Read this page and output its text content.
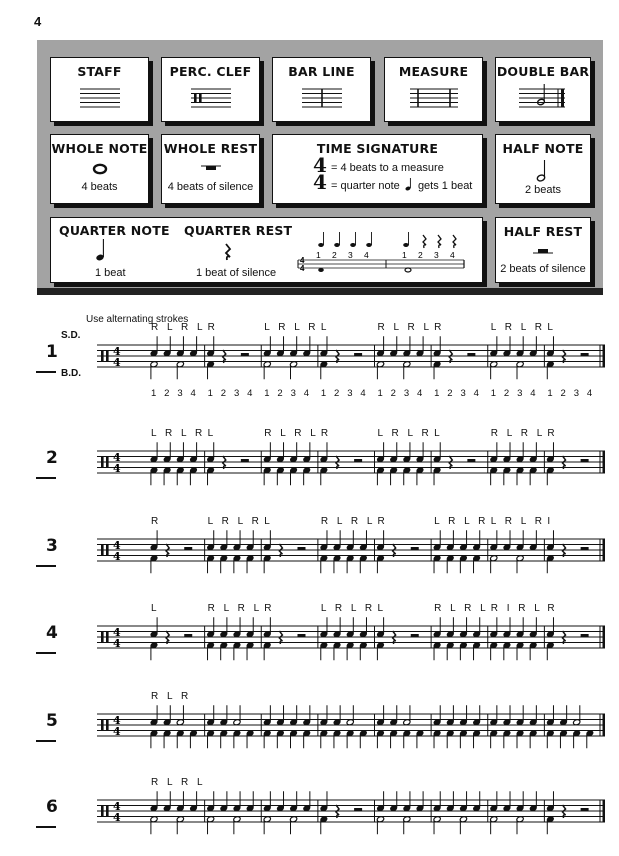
4
STAFF	PERC. CLEF	BAR LINE	MEASURE	DOUBLE BAR
WHOLE NOTE
4 beats
WHOLE REST
4 beats of silence
TIME SIGNATURE
4
4
= 4 beats to a measure
= quarter note gets 1 beat
HALF NOTE
2 beats
QUARTER NOTE
1 beat
QUARTER REST
1 beat of silence
4
4
1 2 3 4	1 2 3 4
HALF REST
2 beats of silence
Use alternating strokes
S.D.
B.D.
4
4
1
R L R L R	L R L R L	R L R L R	L R L R L
1 2 3 4 1 2 3 4 1 2 3 4 1 2 3 4 1 2 3 4 1 2 3 4 1 2 3 4 1 2 3 4
4
4
2
L R L R L	R L R L R	L R L R L	R L R L R
4
4
3
R	L R L R L	R L R L R	L R L R L R L R I
4
4
4
L	R L R L R	L R L R L	R L R L R I R L R
4
4
5
R L R
4
4
6
R L R L
